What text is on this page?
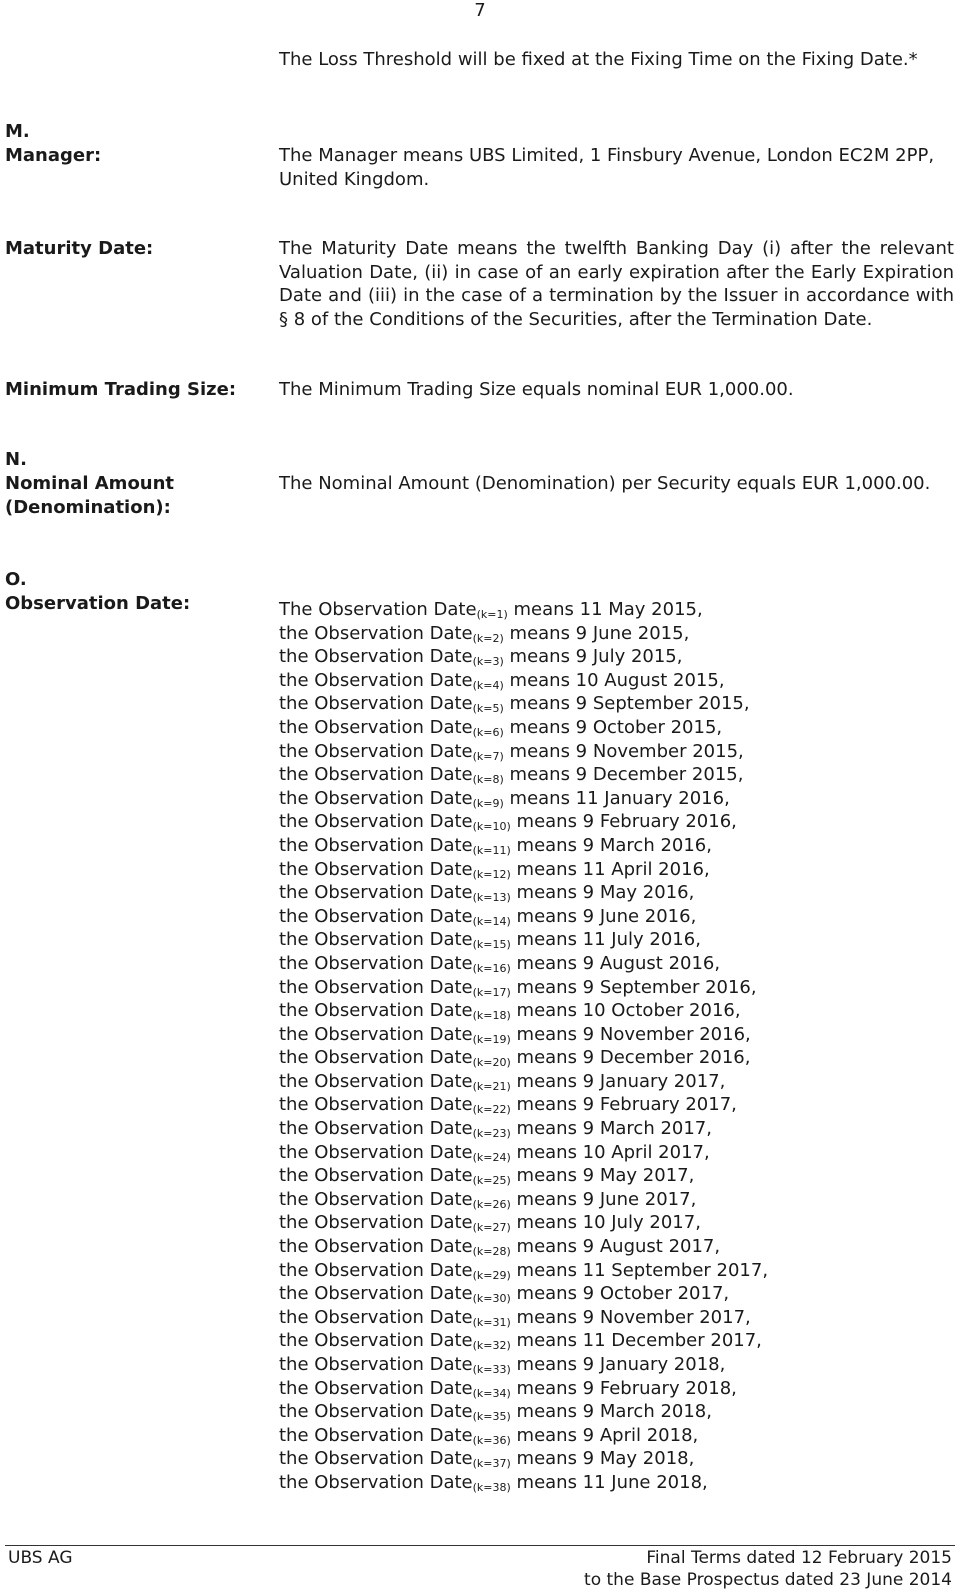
7
The Loss Threshold will be fixed at the Fixing Time on the Fixing Date.*
M.
Manager:	The Manager means UBS Limited, 1 Finsbury Avenue, London EC2M 2PP,
United Kingdom.
Maturity Date:	The Maturity Date means the twelfth Banking Day (i) after the relevant
Valuation Date, (ii) in case of an early expiration after the Early Expiration
Date and (iii) in the case of a termination by the Issuer in accordance with
§ 8 of the Conditions of the Securities, after the Termination Date.
Minimum Trading Size: The Minimum Trading Size equals nominal EUR 1,000.00.
N.
Nominal Amount
(Denomination):
The Nominal Amount (Denomination) per Security equals EUR 1,000.00.
O.
Observation Date:	The Observation Date$_{(k=1)}$ means 11 May 2015,
the Observation Date$_{(k=2)}$ means 9 June 2015,
the Observation Date$_{(k=3)}$ means 9 July 2015,
the Observation Date$_{(k=4)}$ means 10 August 2015,
the Observation Date$_{(k=5)}$ means 9 September 2015,
the Observation Date$_{(k=6)}$ means 9 October 2015,
the Observation Date$_{(k=7)}$ means 9 November 2015,
the Observation Date$_{(k=8)}$ means 9 December 2015,
the Observation Date$_{(k=9)}$ means 11 January 2016,
the Observation Date$_{(k=10)}$ means 9 February 2016,
the Observation Date$_{(k=11)}$ means 9 March 2016,
the Observation Date$_{(k=12)}$ means 11 April 2016,
the Observation Date$_{(k=13)}$ means 9 May 2016,
the Observation Date$_{(k=14)}$ means 9 June 2016,
the Observation Date$_{(k=15)}$ means 11 July 2016,
the Observation Date$_{(k=16)}$ means 9 August 2016,
the Observation Date$_{(k=17)}$ means 9 September 2016,
the Observation Date$_{(k=18)}$ means 10 October 2016,
the Observation Date$_{(k=19)}$ means 9 November 2016,
the Observation Date$_{(k=20)}$ means 9 December 2016,
the Observation Date$_{(k=21)}$ means 9 January 2017,
the Observation Date$_{(k=22)}$ means 9 February 2017,
the Observation Date$_{(k=23)}$ means 9 March 2017,
the Observation Date$_{(k=24)}$ means 10 April 2017,
the Observation Date$_{(k=25)}$ means 9 May 2017,
the Observation Date$_{(k=26)}$ means 9 June 2017,
the Observation Date$_{(k=27)}$ means 10 July 2017,
the Observation Date$_{(k=28)}$ means 9 August 2017,
the Observation Date$_{(k=29)}$ means 11 September 2017,
the Observation Date$_{(k=30)}$ means 9 October 2017,
the Observation Date$_{(k=31)}$ means 9 November 2017,
the Observation Date$_{(k=32)}$ means 11 December 2017,
the Observation Date$_{(k=33)}$ means 9 January 2018,
the Observation Date$_{(k=34)}$ means 9 February 2018,
the Observation Date$_{(k=35)}$ means 9 March 2018,
the Observation Date$_{(k=36)}$ means 9 April 2018,
the Observation Date$_{(k=37)}$ means 9 May 2018,
the Observation Date$_{(k=38)}$ means 11 June 2018,
UBS AG	Final Terms dated 12 February 2015
to the Base Prospectus dated 23 June 2014
